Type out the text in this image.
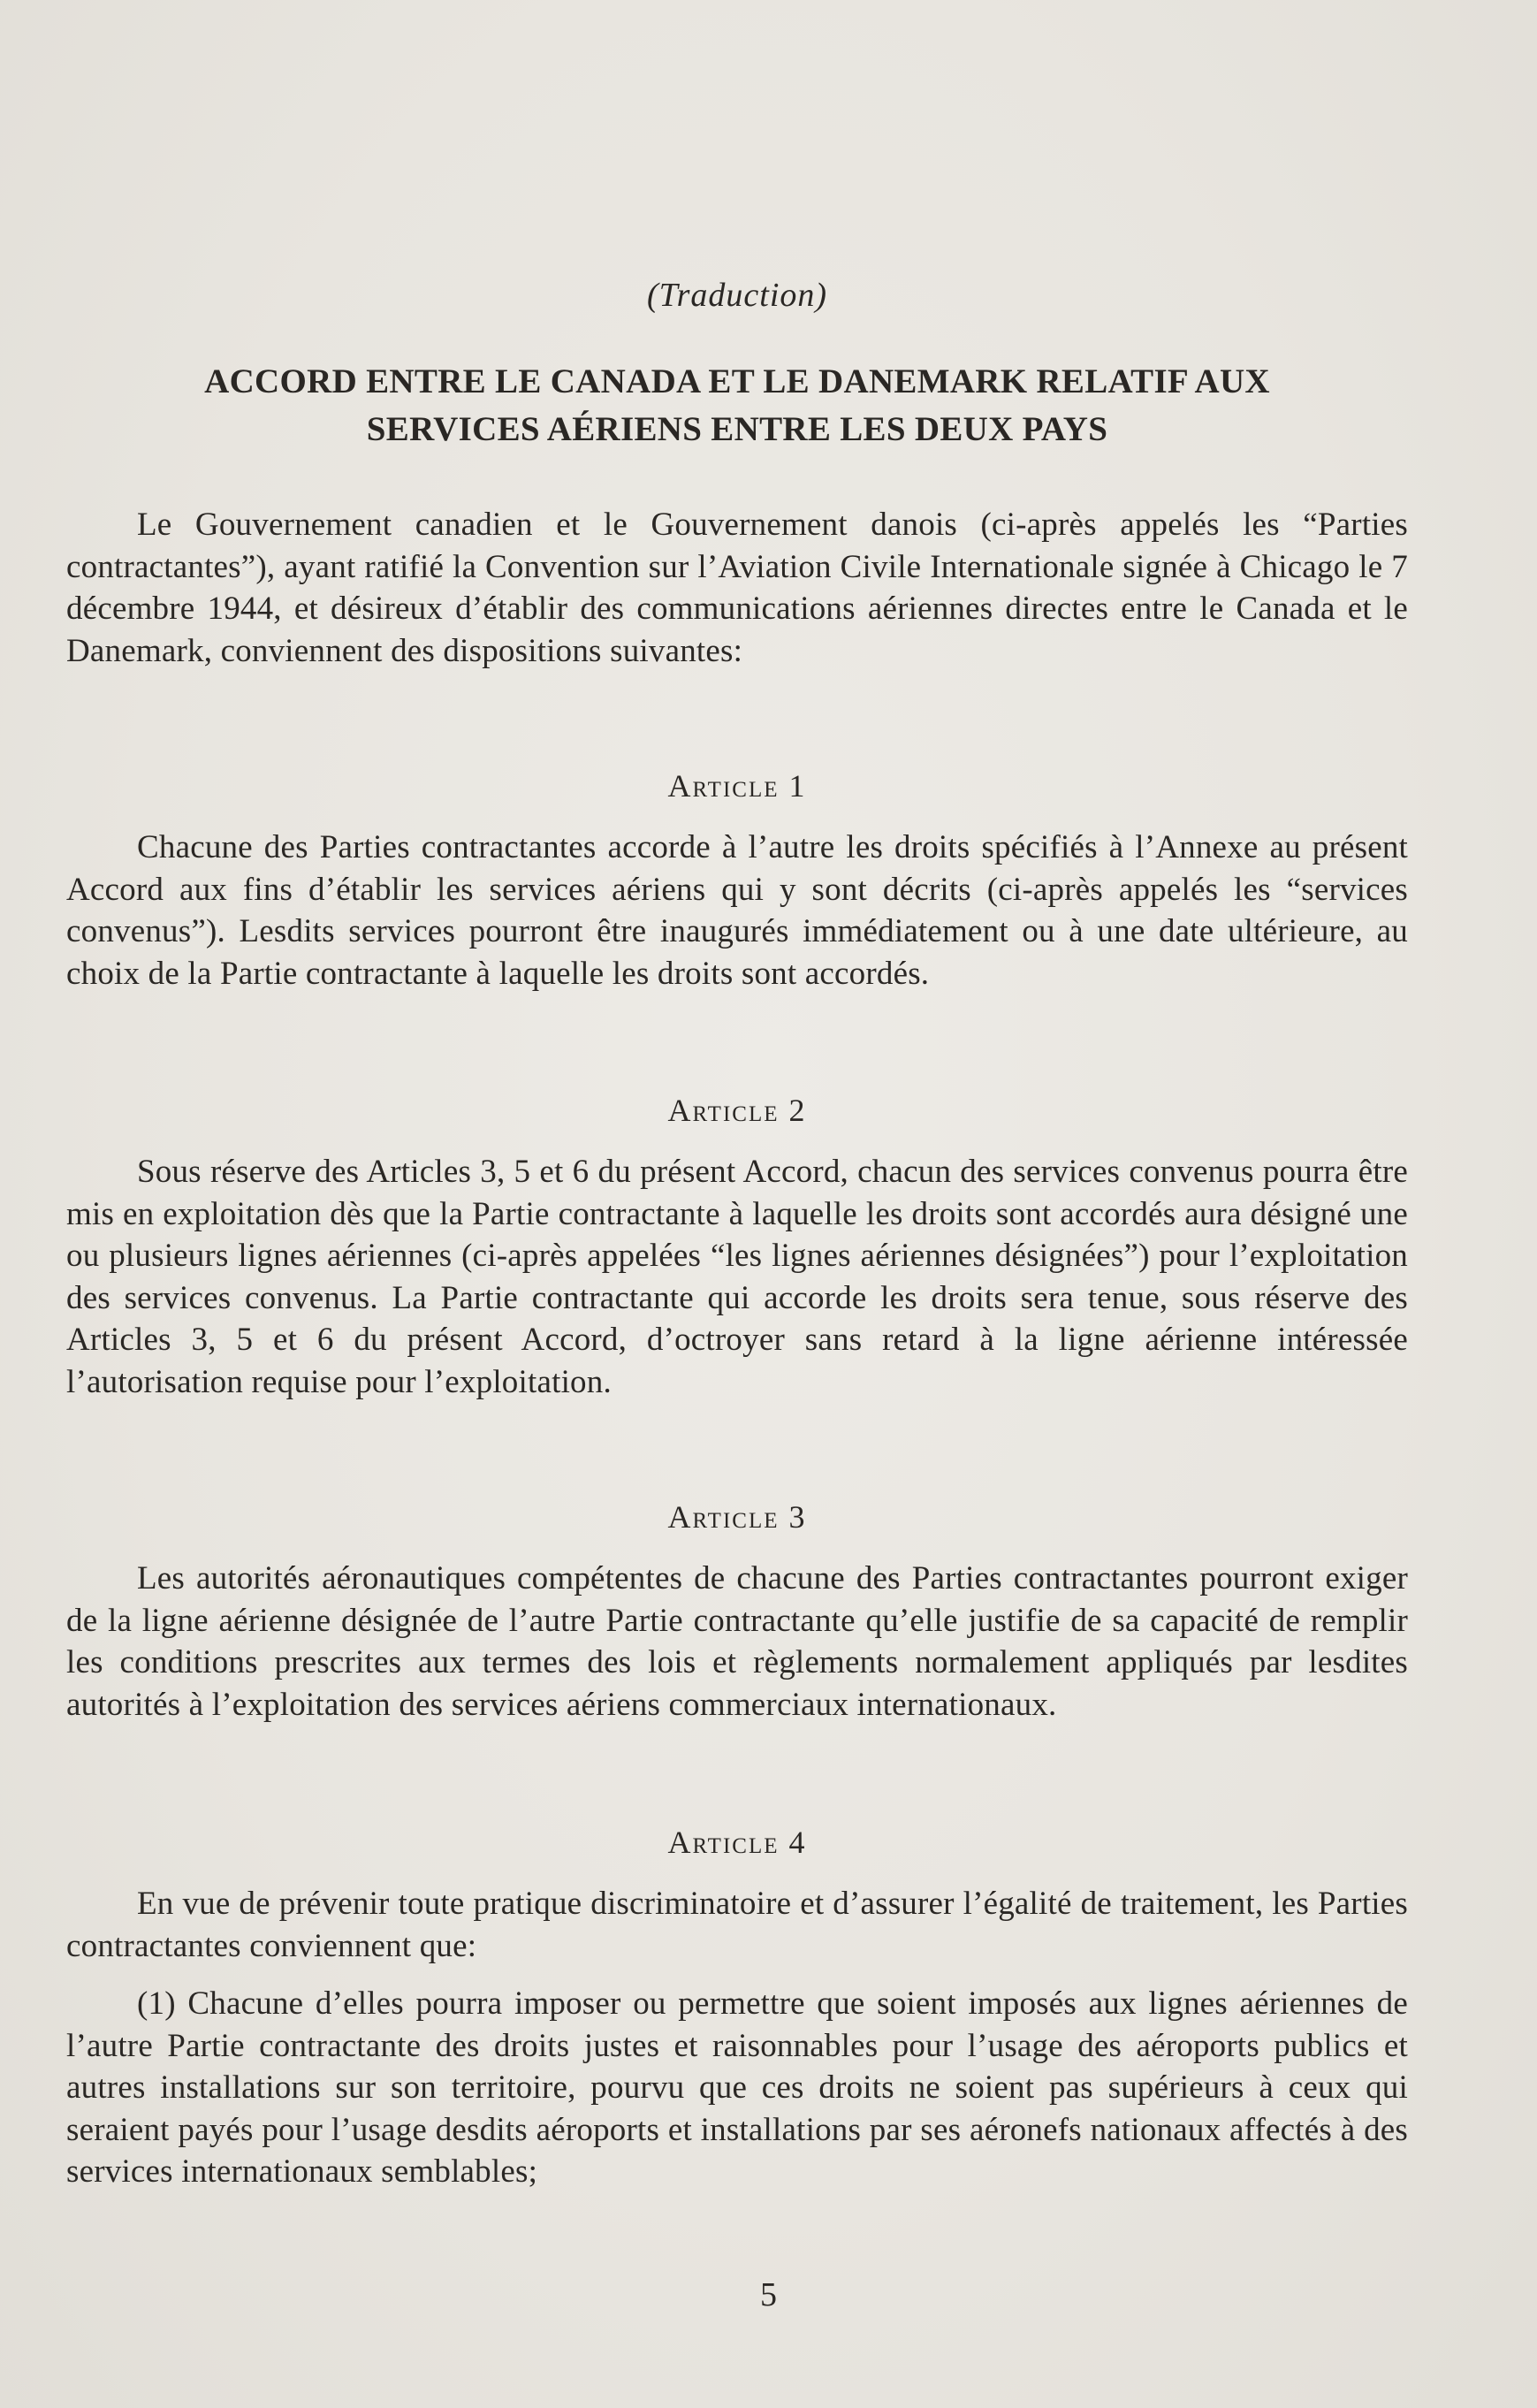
(Traduction)
ACCORD ENTRE LE CANADA ET LE DANEMARK RELATIF AUX
SERVICES AÉRIENS ENTRE LES DEUX PAYS

Le Gouvernement canadien et le Gouvernement danois (ci-après appelés les “Parties contractantes”), ayant ratifié la Convention sur l’Aviation Civile Internationale signée à Chicago le 7 décembre 1944, et désireux d’établir des communications aériennes directes entre le Canada et le Danemark, conviennent des dispositions suivantes:

Article 1

Chacune des Parties contractantes accorde à l’autre les droits spécifiés à l’Annexe au présent Accord aux fins d’établir les services aériens qui y sont décrits (ci-après appelés les “services convenus”). Lesdits services pourront être inaugurés immédiatement ou à une date ultérieure, au choix de la Partie contractante à laquelle les droits sont accordés.

Article 2

Sous réserve des Articles 3, 5 et 6 du présent Accord, chacun des services convenus pourra être mis en exploitation dès que la Partie contractante à laquelle les droits sont accordés aura désigné une ou plusieurs lignes aériennes (ci-après appelées “les lignes aériennes désignées”) pour l’exploitation des services convenus. La Partie contractante qui accorde les droits sera tenue, sous réserve des Articles 3, 5 et 6 du présent Accord, d’octroyer sans retard à la ligne aérienne intéressée l’autorisation requise pour l’exploitation.

Article 3

Les autorités aéronautiques compétentes de chacune des Parties contractantes pourront exiger de la ligne aérienne désignée de l’autre Partie contractante qu’elle justifie de sa capacité de remplir les conditions prescrites aux termes des lois et règlements normalement appliqués par lesdites autorités à l’exploitation des services aériens commerciaux internationaux.

Article 4

En vue de prévenir toute pratique discriminatoire et d’assurer l’égalité de traitement, les Parties contractantes conviennent que:

(1) Chacune d’elles pourra imposer ou permettre que soient imposés aux lignes aériennes de l’autre Partie contractante des droits justes et raisonnables pour l’usage des aéroports publics et autres installations sur son territoire, pourvu que ces droits ne soient pas supérieurs à ceux qui seraient payés pour l’usage desdits aéroports et installations par ses aéronefs nationaux affectés à des services internationaux semblables;

5
